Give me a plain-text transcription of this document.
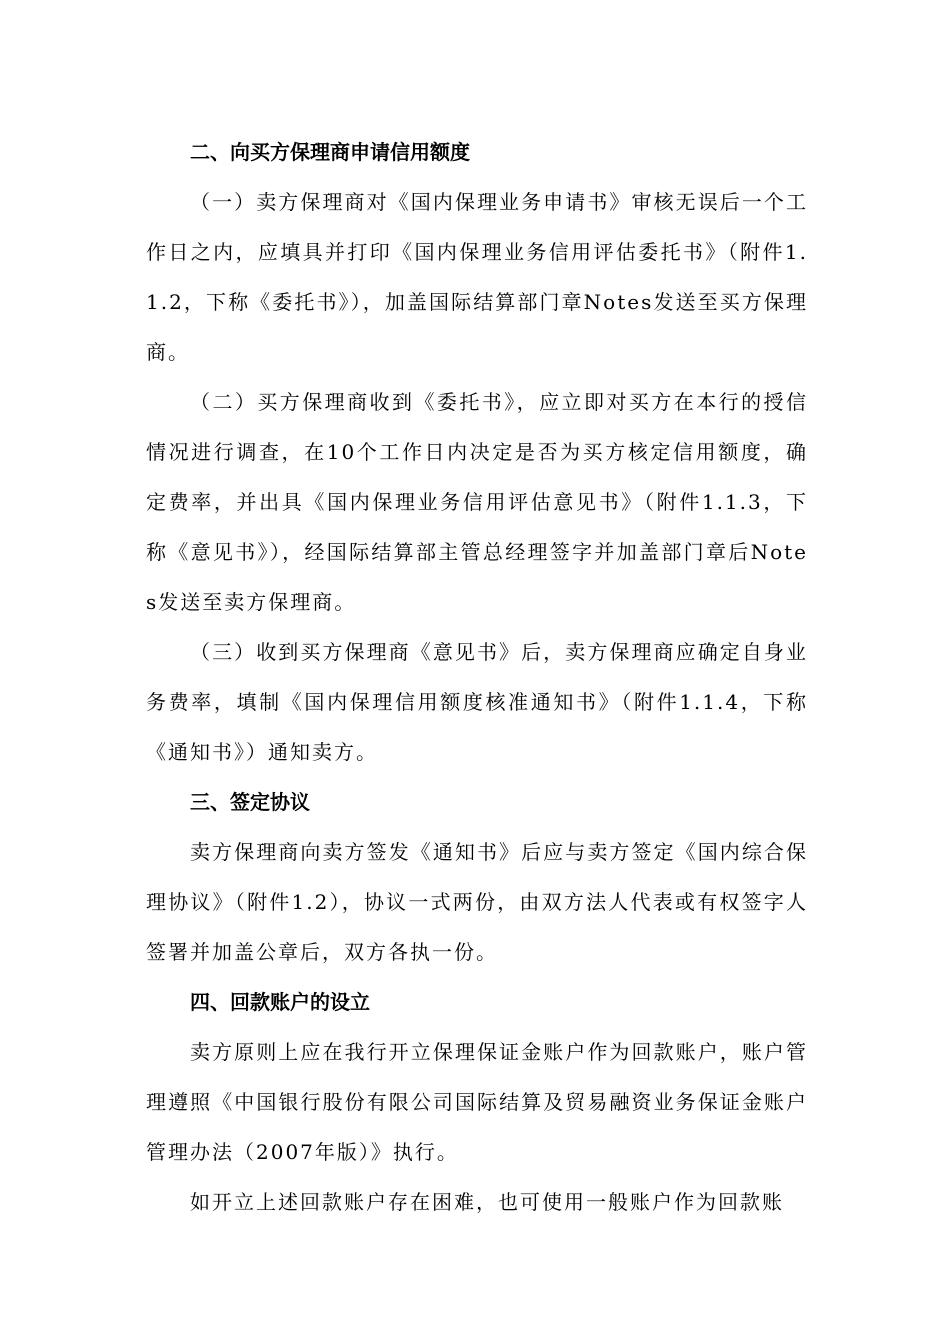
二、向买方保理商申请信用额度

（一）卖方保理商对《国内保理业务申请书》审核无误后一个工作日之内，应填具并打印《国内保理业务信用评估委托书》（附件1.1.2，下称《委托书》），加盖国际结算部门章Notes发送至买方保理商。

（二）买方保理商收到《委托书》，应立即对买方在本行的授信情况进行调查，在10个工作日内决定是否为买方核定信用额度，确定费率，并出具《国内保理业务信用评估意见书》（附件1.1.3，下称《意见书》），经国际结算部主管总经理签字并加盖部门章后Notes发送至卖方保理商。

（三）收到买方保理商《意见书》后，卖方保理商应确定自身业务费率，填制《国内保理信用额度核准通知书》（附件1.1.4，下称《通知书》）通知卖方。

三、签定协议

卖方保理商向卖方签发《通知书》后应与卖方签定《国内综合保理协议》（附件1.2），协议一式两份，由双方法人代表或有权签字人签署并加盖公章后，双方各执一份。

四、回款账户的设立

卖方原则上应在我行开立保理保证金账户作为回款账户，账户管理遵照《中国银行股份有限公司国际结算及贸易融资业务保证金账户管理办法（2007年版）》执行。

如开立上述回款账户存在困难，也可使用一般账户作为回款账
